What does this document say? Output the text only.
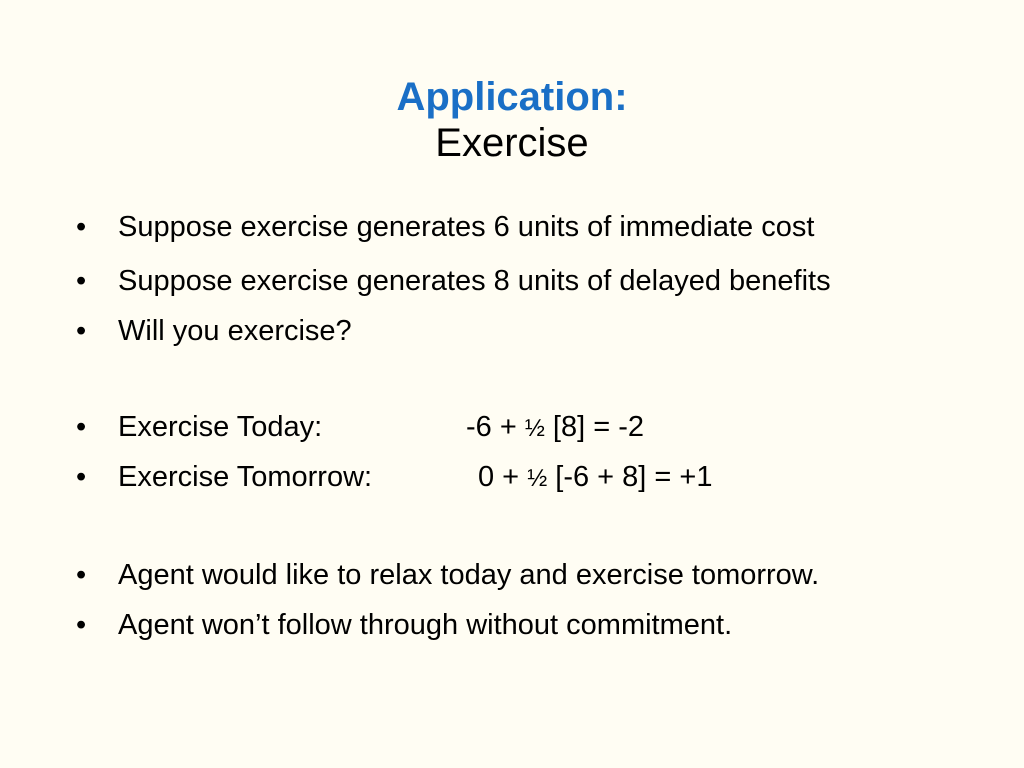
Application:
Exercise
•	Suppose exercise generates 6 units of immediate cost
•	Suppose exercise generates 8 units of delayed benefits
•	Will you exercise?
•	Exercise Today:	-6 + ½ [8] = -2
•	Exercise Tomorrow:	0 + ½ [-6 + 8] = +1
•	Agent would like to relax today and exercise tomorrow.
•	Agent won’t follow through without commitment.
